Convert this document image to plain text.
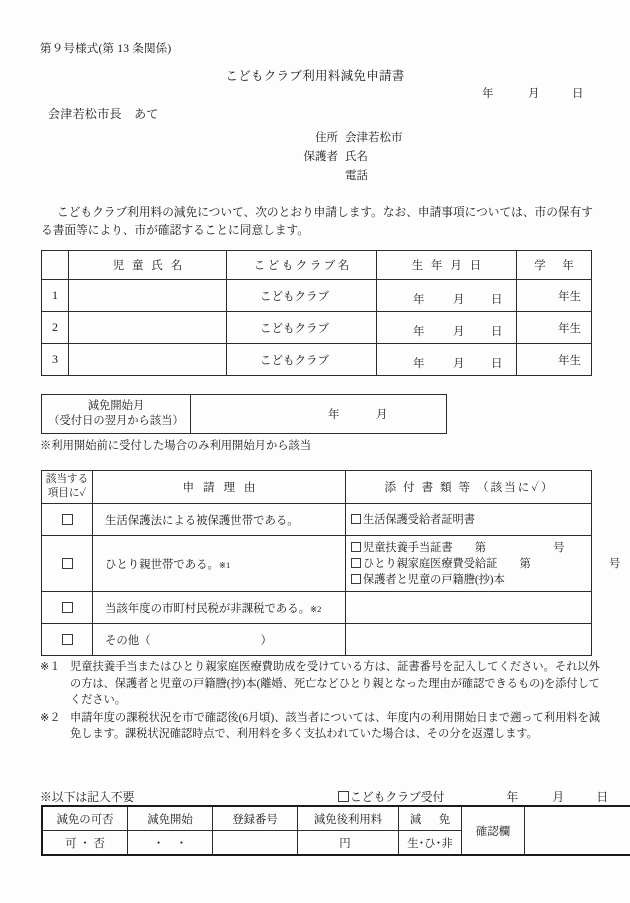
第９号様式(第 13 条関係)
こどもクラブ利用料減免申請書
年	月	日
会津若松市長　あて
住所 会津若松市
保護者 氏名
電話
こどもクラブ利用料の減免について、次のとおり申請します。なお、申請事項については、市の保有する書面等により、市が確認することに同意します。
	児 童 氏 名	こどもクラブ名	生 年 月 日	学　年
1		こどもクラブ	年 月 日	年生
2		こどもクラブ	年 月 日	年生
3		こどもクラブ	年 月 日	年生
減免開始月
（受付日の翌月から該当）	年	月
※利用開始前に受付した場合のみ利用開始月から該当
該当する
項目に✓	申 請 理 由	添 付 書 類 等 （該当に✓）
	生活保護法による被保護世帯である。	生活保護受給者証明書

	ひとり親世帯である。※1	児童扶養手当証書　　第　　　　　　号
ひとり親家庭医療費受給証　　第　　　　　　　号
保護者と児童の戸籍謄(抄)本

	当該年度の市町村民税が非課税である。※2	
	その他（ ）	
※１ 児童扶養手当またはひとり親家庭医療費助成を受けている方は、証書番号を記入してください。それ以外の方は、保護者と児童の戸籍謄(抄)本(離婚、死亡などひとり親となった理由が確認できるもの)を添付してください。
※２ 申請年度の課税状況を市で確認後(6月頃)、該当者については、年度内の利用開始日まで遡って利用料を減免します。課税状況確認時点で、利用料を多く支払われていた場合は、その分を返還します。
※以下は記入不要	こどもクラブ受付	年	月	日
減免の可否	減免開始	登録番号	減免後利用料	減　免	確認欄	
可 ・ 否	・　・		円	生･ひ･非		
